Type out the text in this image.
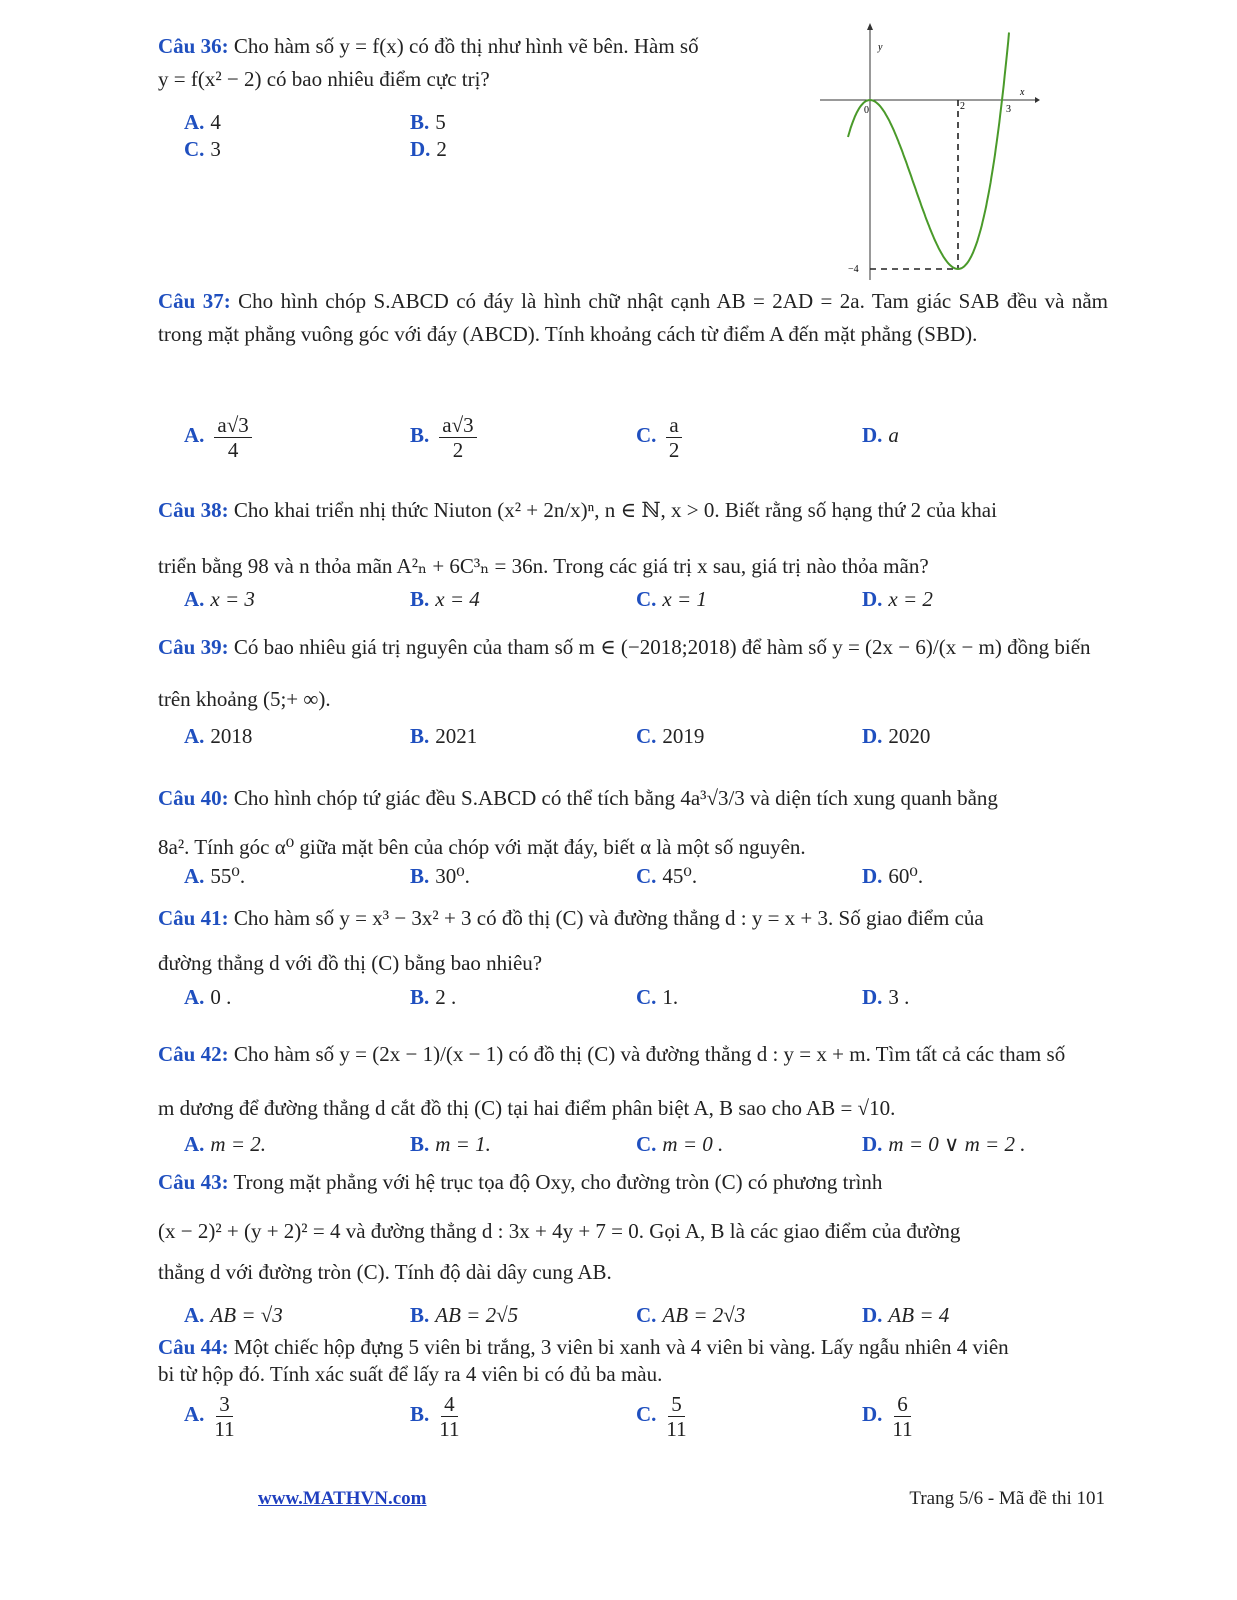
Câu 36: Cho hàm số y = f(x) có đồ thị như hình vẽ bên. Hàm số
y = f(x² − 2) có bao nhiêu điểm cực trị?
A. 4	B. 5
C. 3	D. 2
y
x
0	2	3
−4
Câu 37: Cho hình chóp S.ABCD có đáy là hình chữ nhật cạnh AB = 2AD = 2a. Tam giác SAB đều và nằm trong mặt phẳng vuông góc với đáy (ABCD). Tính khoảng cách từ điểm A đến mặt phẳng (SBD).
A. $\frac{a√3}{4}$	B. $\frac{a√3}{2}$	C. $\frac{a}{2}$	D. a
Câu 38: Cho khai triển nhị thức Niuton (x² + 2n/x)ⁿ, n ∈ ℕ, x > 0. Biết rằng số hạng thứ 2 của khai
triển bằng 98 và n thỏa mãn A²ₙ + 6C³ₙ = 36n. Trong các giá trị x sau, giá trị nào thỏa mãn?
A. x = 3	B. x = 4	C. x = 1	D. x = 2
Câu 39: Có bao nhiêu giá trị nguyên của tham số m ∈ (−2018;2018) để hàm số y = (2x − 6)/(x − m) đồng biến
trên khoảng (5;+ ∞).
A. 2018	B. 2021	C. 2019	D. 2020
Câu 40: Cho hình chóp tứ giác đều S.ABCD có thể tích bằng 4a³√3/3 và diện tích xung quanh bằng
8a². Tính góc α⁰ giữa mặt bên của chóp với mặt đáy, biết α là một số nguyên.
A. 55⁰.	B. 30⁰.	C. 45⁰.	D. 60⁰.
Câu 41: Cho hàm số y = x³ − 3x² + 3 có đồ thị (C) và đường thẳng d : y = x + 3. Số giao điểm của
đường thẳng d với đồ thị (C) bằng bao nhiêu?
A. 0 .	B. 2 .	C. 1.	D. 3 .
Câu 42: Cho hàm số y = (2x − 1)/(x − 1) có đồ thị (C) và đường thẳng d : y = x + m. Tìm tất cả các tham số
m dương để đường thẳng d cắt đồ thị (C) tại hai điểm phân biệt A, B sao cho AB = √10.
A. m = 2.	B. m = 1.	C. m = 0 .	D. m = 0 ∨ m = 2 .
Câu 43: Trong mặt phẳng với hệ trục tọa độ Oxy, cho đường tròn (C) có phương trình
(x − 2)² + (y + 2)² = 4 và đường thẳng d : 3x + 4y + 7 = 0. Gọi A, B là các giao điểm của đường
thẳng d với đường tròn (C). Tính độ dài dây cung AB.
A. AB = √3	B. AB = 2√5	C. AB = 2√3	D. AB = 4
Câu 44: Một chiếc hộp đựng 5 viên bi trắng, 3 viên bi xanh và 4 viên bi vàng. Lấy ngẫu nhiên 4 viên
bi từ hộp đó. Tính xác suất để lấy ra 4 viên bi có đủ ba màu.
A. $\frac{3}{11}$	B. $\frac{4}{11}$	C. $\frac{5}{11}$	D. $\frac{6}{11}$
www.MATHVN.com	Trang 5/6 - Mã đề thi 101
